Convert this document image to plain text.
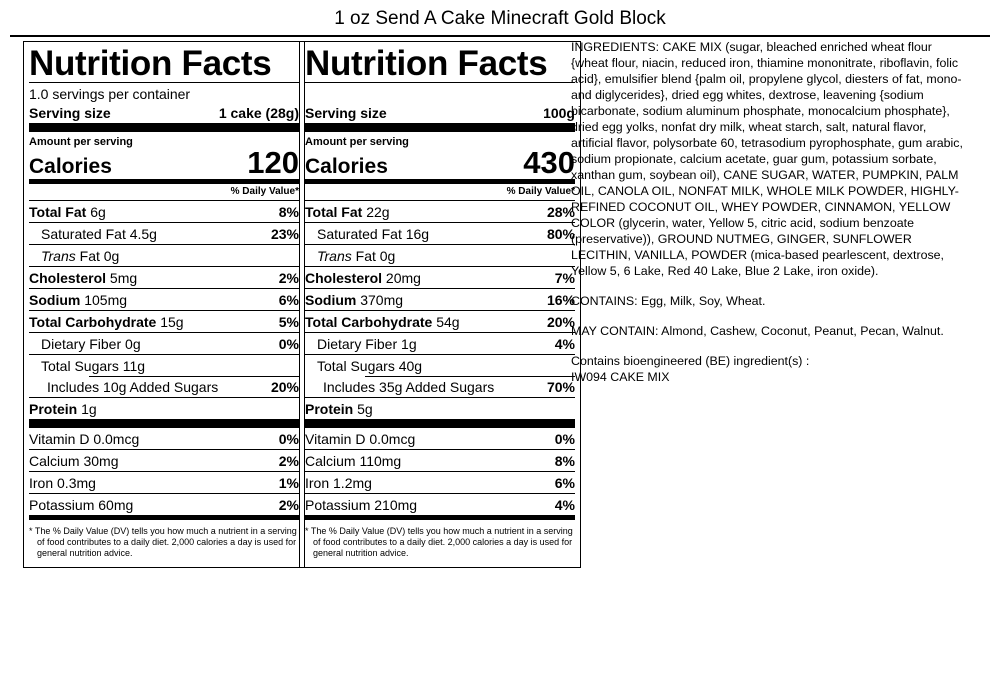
1 oz Send A Cake Minecraft Gold Block
Nutrition Facts
1.0 servings per container
Serving size	1 cake (28g)
Amount per serving
Calories	120
% Daily Value*
Total Fat 6g	8%
Saturated Fat 4.5g	23%
Trans Fat 0g
Cholesterol 5mg	2%
Sodium 105mg	6%
Total Carbohydrate 15g	5%
Dietary Fiber 0g	0%
Total Sugars 11g
Includes 10g Added Sugars	20%
Protein 1g
Vitamin D 0.0mcg	0%
Calcium 30mg	2%
Iron 0.3mg	1%
Potassium 60mg	2%
* The % Daily Value (DV) tells you how much a nutrient in a serving of food contributes to a daily diet. 2,000 calories a day is used for general nutrition advice.
Nutrition Facts
Serving size	100g
Amount per serving
Calories	430
% Daily Value*
Total Fat 22g	28%
Saturated Fat 16g	80%
Trans Fat 0g
Cholesterol 20mg	7%
Sodium 370mg	16%
Total Carbohydrate 54g	20%
Dietary Fiber 1g	4%
Total Sugars 40g
Includes 35g Added Sugars	70%
Protein 5g
Vitamin D 0.0mcg	0%
Calcium 110mg	8%
Iron 1.2mg	6%
Potassium 210mg	4%
* The % Daily Value (DV) tells you how much a nutrient in a serving of food contributes to a daily diet. 2,000 calories a day is used for general nutrition advice.

INGREDIENTS: CAKE MIX (sugar, bleached enriched wheat flour {wheat flour, niacin, reduced iron, thiamine mononitrate, riboflavin, folic acid}, emulsifier blend {palm oil, propylene glycol, diesters of fat, mono-and diglycerides}, dried egg whites, dextrose, leavening {sodium bicarbonate, sodium aluminum phosphate, monocalcium phosphate}, dried egg yolks, nonfat dry milk, wheat starch, salt, natural flavor, artificial flavor, polysorbate 60, tetrasodium pyrophosphate, gum arabic, sodium propionate, calcium acetate, guar gum, potassium sorbate, xanthan gum, soybean oil), CANE SUGAR, WATER, PUMPKIN, PALM OIL, CANOLA OIL, NONFAT MILK, WHOLE MILK POWDER, HIGHLY-REFINED COCONUT OIL, WHEY POWDER, CINNAMON, YELLOW COLOR (glycerin, water, Yellow 5, citric acid, sodium benzoate (preservative)), GROUND NUTMEG, GINGER, SUNFLOWER LECITHIN, VANILLA, POWDER (mica-based pearlescent, dextrose, Yellow 5, 6 Lake, Red 40 Lake, Blue 2 Lake, iron oxide).

CONTAINS: Egg, Milk, Soy, Wheat.

MAY CONTAIN: Almond, Cashew, Coconut, Peanut, Pecan, Walnut.

Contains bioengineered (BE) ingredient(s) :
IW094 CAKE MIX
